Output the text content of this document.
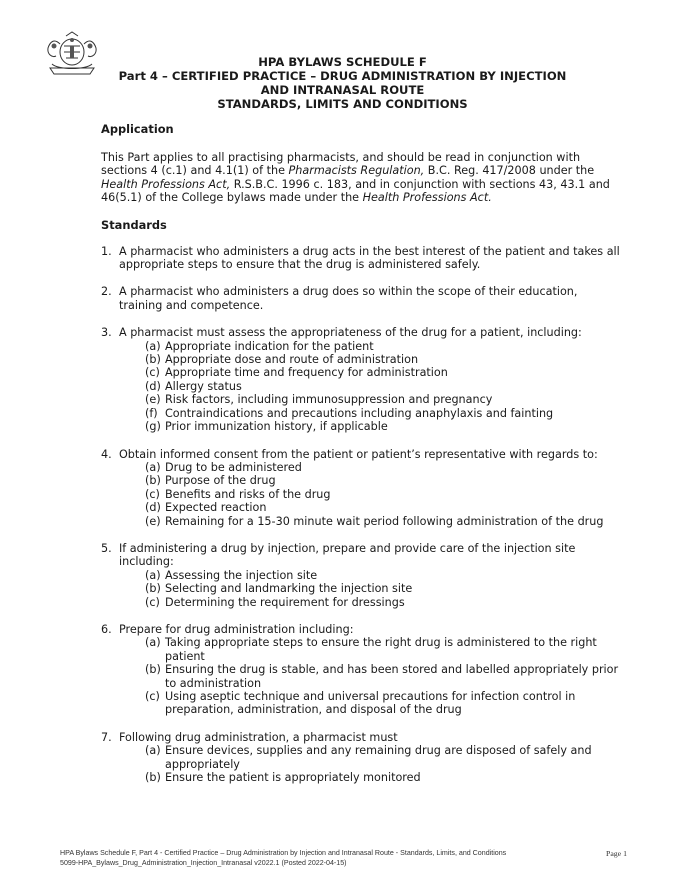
HPA BYLAWS SCHEDULE F
Part 4 – CERTIFIED PRACTICE – DRUG ADMINISTRATION BY INJECTION
AND INTRANASAL ROUTE
STANDARDS, LIMITS AND CONDITIONS
Application

This Part applies to all practising pharmacists, and should be read in conjunction with sections 4 (c.1) and 4.1(1) of the Pharmacists Regulation, B.C. Reg. 417/2008 under the Health Professions Act, R.S.B.C. 1996 c. 183, and in conjunction with sections 43, 43.1 and 46(5.1) of the College bylaws made under the Health Professions Act.

Standards
1. A pharmacist who administers a drug acts in the best interest of the patient and takes all appropriate steps to ensure that the drug is administered safely.
2. A pharmacist who administers a drug does so within the scope of their education, training and competence.
3. A pharmacist must assess the appropriateness of the drug for a patient, including:
(a) Appropriate indication for the patient
(b) Appropriate dose and route of administration
(c) Appropriate time and frequency for administration
(d) Allergy status
(e) Risk factors, including immunosuppression and pregnancy
(f) Contraindications and precautions including anaphylaxis and fainting
(g) Prior immunization history, if applicable
4. Obtain informed consent from the patient or patient’s representative with regards to:
(a) Drug to be administered
(b) Purpose of the drug
(c) Benefits and risks of the drug
(d) Expected reaction
(e) Remaining for a 15-30 minute wait period following administration of the drug
5. If administering a drug by injection, prepare and provide care of the injection site including:
(a) Assessing the injection site
(b) Selecting and landmarking the injection site
(c) Determining the requirement for dressings
6. Prepare for drug administration including:
(a) Taking appropriate steps to ensure the right drug is administered to the right patient
(b) Ensuring the drug is stable, and has been stored and labelled appropriately prior to administration
(c) Using aseptic technique and universal precautions for infection control in preparation, administration, and disposal of the drug
7. Following drug administration, a pharmacist must
(a) Ensure devices, supplies and any remaining drug are disposed of safely and appropriately
(b) Ensure the patient is appropriately monitored
HPA Bylaws Schedule F, Part 4 - Certified Practice – Drug Administration by Injection and Intranasal Route - Standards, Limits, and Conditions	Page 1
5099-HPA_Bylaws_Drug_Administration_Injection_Intranasal v2022.1 (Posted 2022-04-15)
